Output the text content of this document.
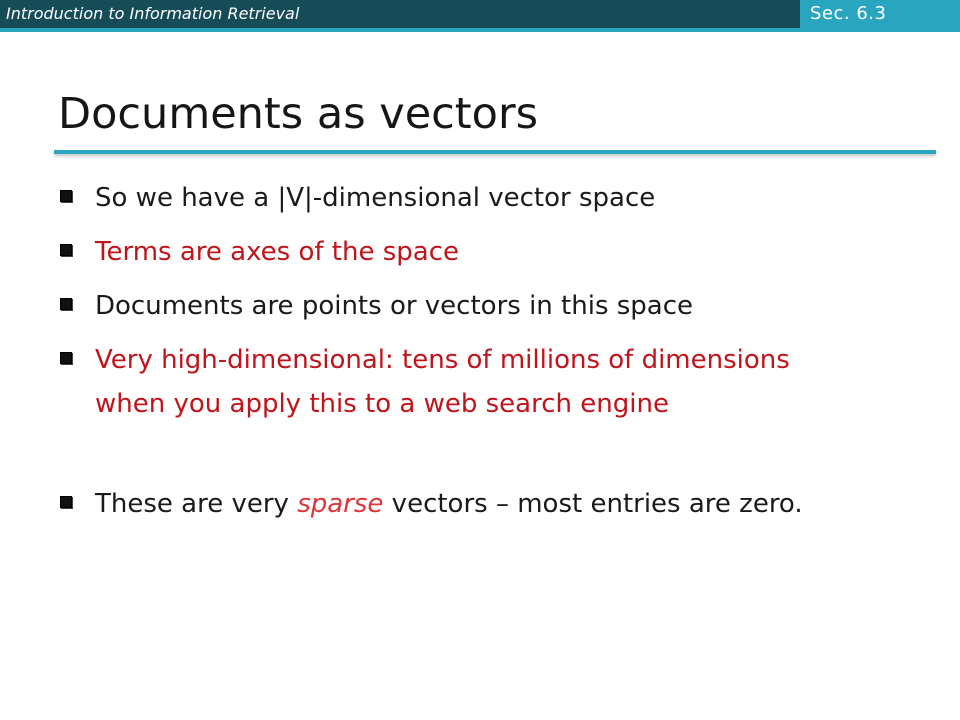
Introduction to Information Retrieval	Sec. 6.3
Documents as vectors
So we have a |V|-dimensional vector space
Terms are axes of the space
Documents are points or vectors in this space
Very high-dimensional: tens of millions of dimensions when you apply this to a web search engine
These are very sparse vectors – most entries are zero.
